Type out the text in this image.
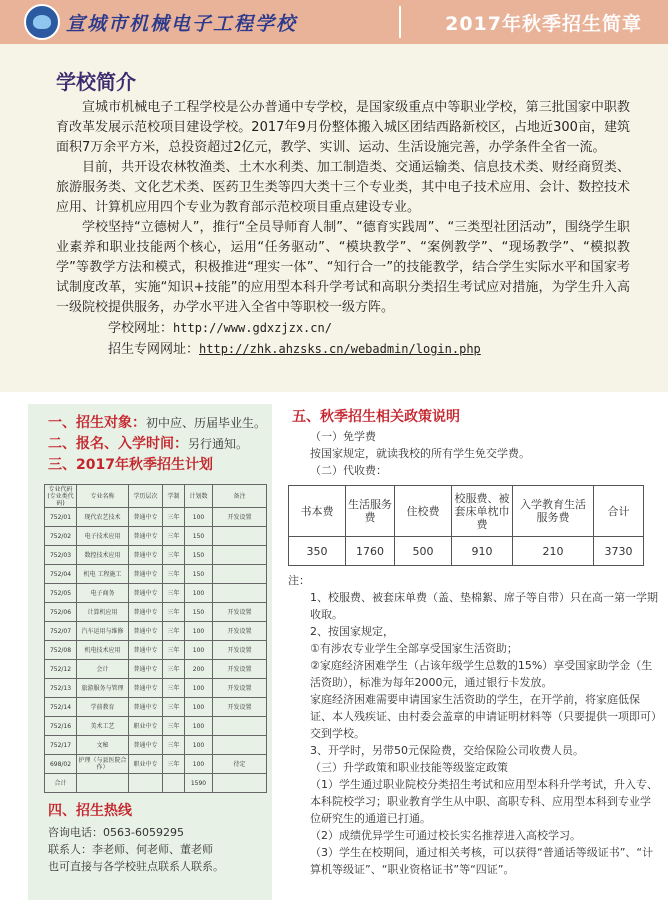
宣城市机械电子工程学校	2017年秋季招生简章
学校简介

宣城市机械电子工程学校是公办普通中专学校，是国家级重点中等职业学校，第三批国家中职教育改革发展示范校项目建设学校。2017年9月份整体搬入城区团结西路新校区，占地近300亩，建筑面积7万余平方米，总投资超过2亿元，教学、实训、运动、生活设施完善，办学条件全省一流。

目前，共开设农林牧渔类、土木水利类、加工制造类、交通运输类、信息技术类、财经商贸类、旅游服务类、文化艺术类、医药卫生类等四大类十三个专业类，其中电子技术应用、会计、数控技术应用、计算机应用四个专业为教育部示范校项目重点建设专业。

学校坚持“立德树人”，推行“全员导师育人制”、“德育实践周”、“三类型社团活动”，围绕学生职业素养和职业技能两个核心，运用“任务驱动”、“模块教学”、“案例教学”、“现场教学”、“模拟教学”等教学方法和模式，积极推进“理实一体”、“知行合一”的技能教学，结合学生实际水平和国家考试制度改革，实施“知识+技能”的应用型本科升学考试和高职分类招生考试应对措施，为学生升入高一级院校提供服务，办学水平进入全省中等职校一级方阵。

学校网址：http://www.gdxzjzx.cn/

招生专网网址：http://zhk.ahzsks.cn/webadmin/login.php

一、招生对象：初中应、历届毕业生。

二、报名、入学时间：另行通知。

三、2017年秋季招生计划

专业代码(专业类代码)	专业名称	学历层次	学制	计划数	备注
752/01	现代农艺技术	普通中专	三年	100	开发设置
752/02	电子技术应用	普通中专	三年	150	
752/03	数控技术应用	普通中专	三年	150	
752/04	机电 工程施工	普通中专	三年	150	
752/05	电子商务	普通中专	三年	100	
752/06	计算机应用	普通中专	三年	150	开发设置
752/07	汽车运用与维修	普通中专	三年	100	开发设置
752/08	机电技术应用	普通中专	三年	100	开发设置
752/12	会计	普通中专	三年	200	开发设置
752/13	旅游服务与管理	普通中专	三年	100	开发设置
752/14	学前教育	普通中专	三年	100	开发设置
752/16	美术工艺	职业中专	三年	100	
752/17	文秘	普通中专	三年	100	
698/02	护理（与县医院合作）	职业中专	三年	100	待定
合计				1590	

四、招生热线

咨询电话：0563-6059295

联系人：李老师、何老师、董老师

也可直接与各学校驻点联系人联系。

五、秋季招生相关政策说明

（一）免学费

按国家规定，就读我校的所有学生免交学费。

（二）代收费：

书本费	生活服务费	住校费	校服费、被套床单枕巾费	入学教育生活服务费	合计
350	1760	500	910	210	3730

注：

1、校服费、被套床单费（盖、垫棉絮、席子等自带）只在高一第一学期收取。

2、按国家规定，

①有涉农专业学生全部享受国家生活资助；

②家庭经济困难学生（占该年级学生总数的15%）享受国家助学金（生活资助），标准为每年2000元，通过银行卡发放。

家庭经济困难需要申请国家生活资助的学生，在开学前，将家庭低保证、本人残疾证、由村委会盖章的申请证明材料等（只要提供一项即可）交到学校。

3、开学时，另带50元保险费，交给保险公司收费人员。

（三）升学政策和职业技能等级鉴定政策

（1）学生通过职业院校分类招生考试和应用型本科升学考试，升入专、本科院校学习；职业教育学生从中职、高职专科、应用型本科到专业学位研究生的通道已打通。

（2）成绩优异学生可通过校长实名推荐进入高校学习。

（3）学生在校期间，通过相关考核，可以获得“普通话等级证书”、“计算机等级证”、“职业资格证书”等“四证”。
